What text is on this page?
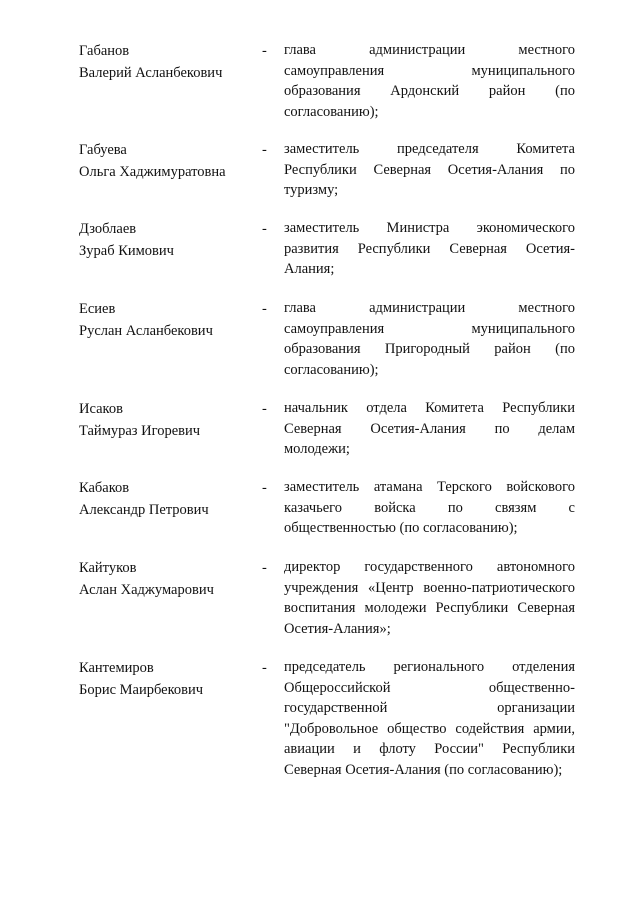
Габанов
Валерий Асланбекович
- глава администрации местного
самоуправления муниципального
образования Ардонский район (по
согласованию);
Габуева
Ольга Хаджимуратовна
- заместитель председателя Комитета
Республики Северная Осетия-Алания по
туризму;
Дзоблаев
Зураб Кимович
- заместитель Министра экономического
развития Республики Северная Осетия-
Алания;
Есиев
Руслан Асланбекович
- глава администрации местного
самоуправления муниципального
образования Пригородный район (по
согласованию);
Исаков
Таймураз Игоревич
- начальник отдела Комитета Республики
Северная Осетия-Алания по делам
молодежи;
Кабаков
Александр Петрович
- заместитель атамана Терского войскового
казачьего войска по связям с
общественностью (по согласованию);
Кайтуков
Аслан Хаджумарович
- директор государственного автономного
учреждения «Центр военно-патриотического
воспитания молодежи Республики Северная
Осетия-Алания»;
Кантемиров
Борис Маирбекович
- председатель регионального отделения
Общероссийской общественно-
государственной организации
"Добровольное общество содействия армии,
авиации и флоту России" Республики
Северная Осетия-Алания (по согласованию);
